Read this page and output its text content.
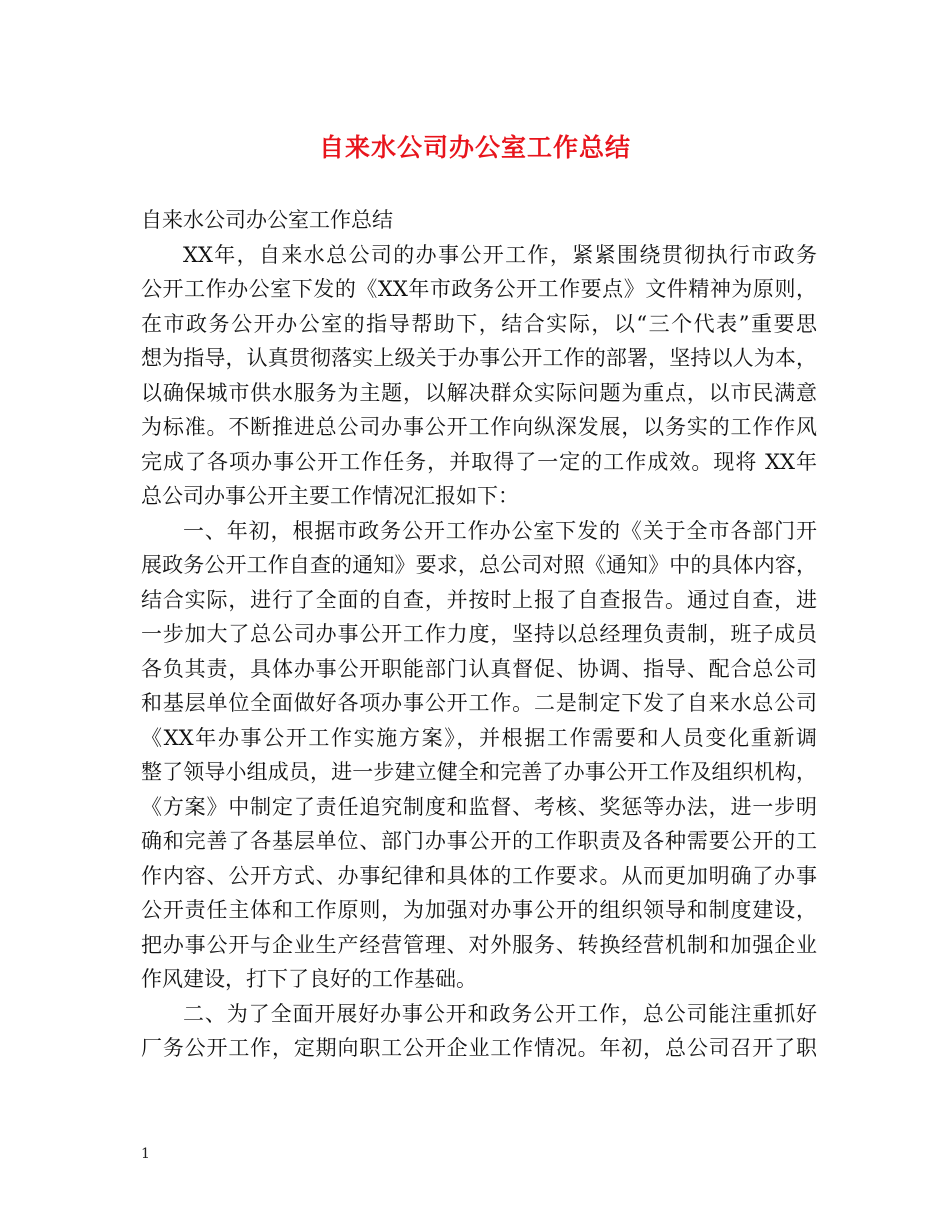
自来水公司办公室工作总结
自来水公司办公室工作总结
XX年，自来水总公司的办事公开工作，紧紧围绕贯彻执行市政务
公开工作办公室下发的《XX年市政务公开工作要点》文件精神为原则，
在市政务公开办公室的指导帮助下，结合实际，以“三个代表”重要思
想为指导，认真贯彻落实上级关于办事公开工作的部署，坚持以人为本，
以确保城市供水服务为主题，以解决群众实际问题为重点，以市民满意
为标准。不断推进总公司办事公开工作向纵深发展，以务实的工作作风
完成了各项办事公开工作任务，并取得了一定的工作成效。现将 XX年
总公司办事公开主要工作情况汇报如下：
一、年初，根据市政务公开工作办公室下发的《关于全市各部门开
展政务公开工作自查的通知》要求，总公司对照《通知》中的具体内容，
结合实际，进行了全面的自查，并按时上报了自查报告。通过自查，进
一步加大了总公司办事公开工作力度，坚持以总经理负责制，班子成员
各负其责，具体办事公开职能部门认真督促、协调、指导、配合总公司
和基层单位全面做好各项办事公开工作。二是制定下发了自来水总公司
《XX年办事公开工作实施方案》，并根据工作需要和人员变化重新调
整了领导小组成员，进一步建立健全和完善了办事公开工作及组织机构，
《方案》中制定了责任追究制度和监督、考核、奖惩等办法，进一步明
确和完善了各基层单位、部门办事公开的工作职责及各种需要公开的工
作内容、公开方式、办事纪律和具体的工作要求。从而更加明确了办事
公开责任主体和工作原则，为加强对办事公开的组织领导和制度建设，
把办事公开与企业生产经营管理、对外服务、转换经营机制和加强企业
作风建设，打下了良好的工作基础。
二、为了全面开展好办事公开和政务公开工作，总公司能注重抓好
厂务公开工作，定期向职工公开企业工作情况。年初，总公司召开了职
1
